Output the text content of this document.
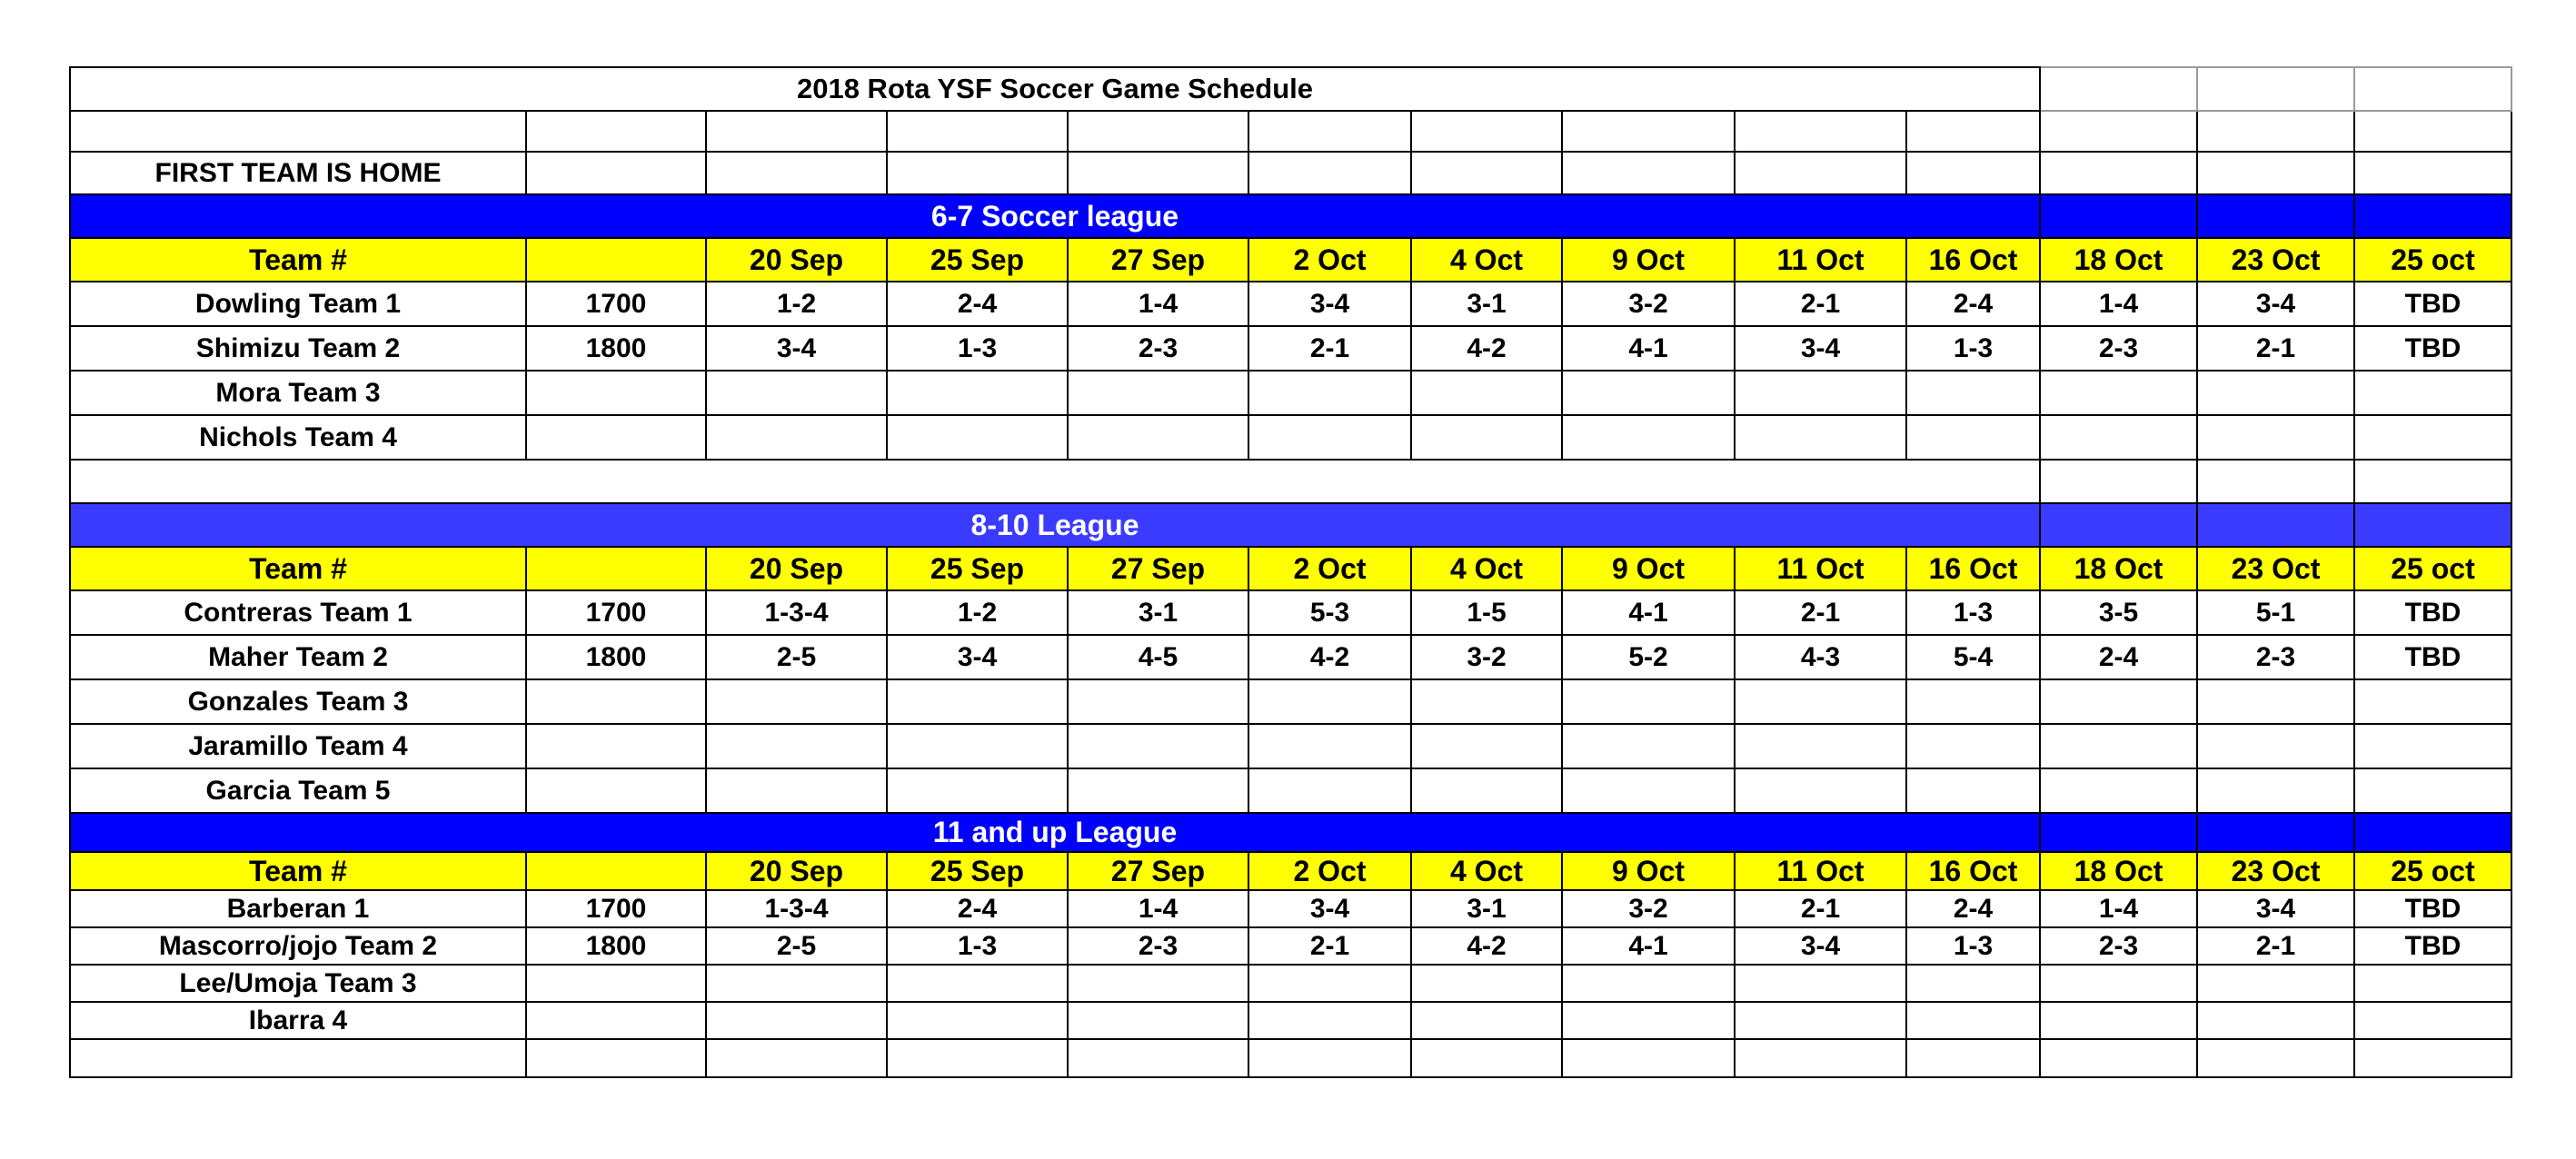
2018 Rota YSF Soccer Game Schedule												

FIRST TEAM IS HOME												
6-7 Soccer league												
Team #		20 Sep	25 Sep	27 Sep	2 Oct	4 Oct	9 Oct	11 Oct	16 Oct	18 Oct	23 Oct	25 oct
Dowling Team 1	1700	1-2	2-4	1-4	3-4	3-1	3-2	2-1	2-4	1-4	3-4	TBD
Shimizu Team 2	1800	3-4	1-3	2-3	2-1	4-2	4-1	3-4	1-3	2-3	2-1	TBD
Mora Team 3												
Nichols Team 4												

8-10 League												
Team #		20 Sep	25 Sep	27 Sep	2 Oct	4 Oct	9 Oct	11 Oct	16 Oct	18 Oct	23 Oct	25 oct
Contreras Team 1	1700	1-3-4	1-2	3-1	5-3	1-5	4-1	2-1	1-3	3-5	5-1	TBD
Maher Team 2	1800	2-5	3-4	4-5	4-2	3-2	5-2	4-3	5-4	2-4	2-3	TBD
Gonzales Team 3												
Jaramillo Team 4												
Garcia Team 5												
11 and up League												
Team #		20 Sep	25 Sep	27 Sep	2 Oct	4 Oct	9 Oct	11 Oct	16 Oct	18 Oct	23 Oct	25 oct
Barberan 1	1700	1-3-4	2-4	1-4	3-4	3-1	3-2	2-1	2-4	1-4	3-4	TBD
Mascorro/jojo Team 2	1800	2-5	1-3	2-3	2-1	4-2	4-1	3-4	1-3	2-3	2-1	TBD
Lee/Umoja Team 3												
Ibarra 4												
